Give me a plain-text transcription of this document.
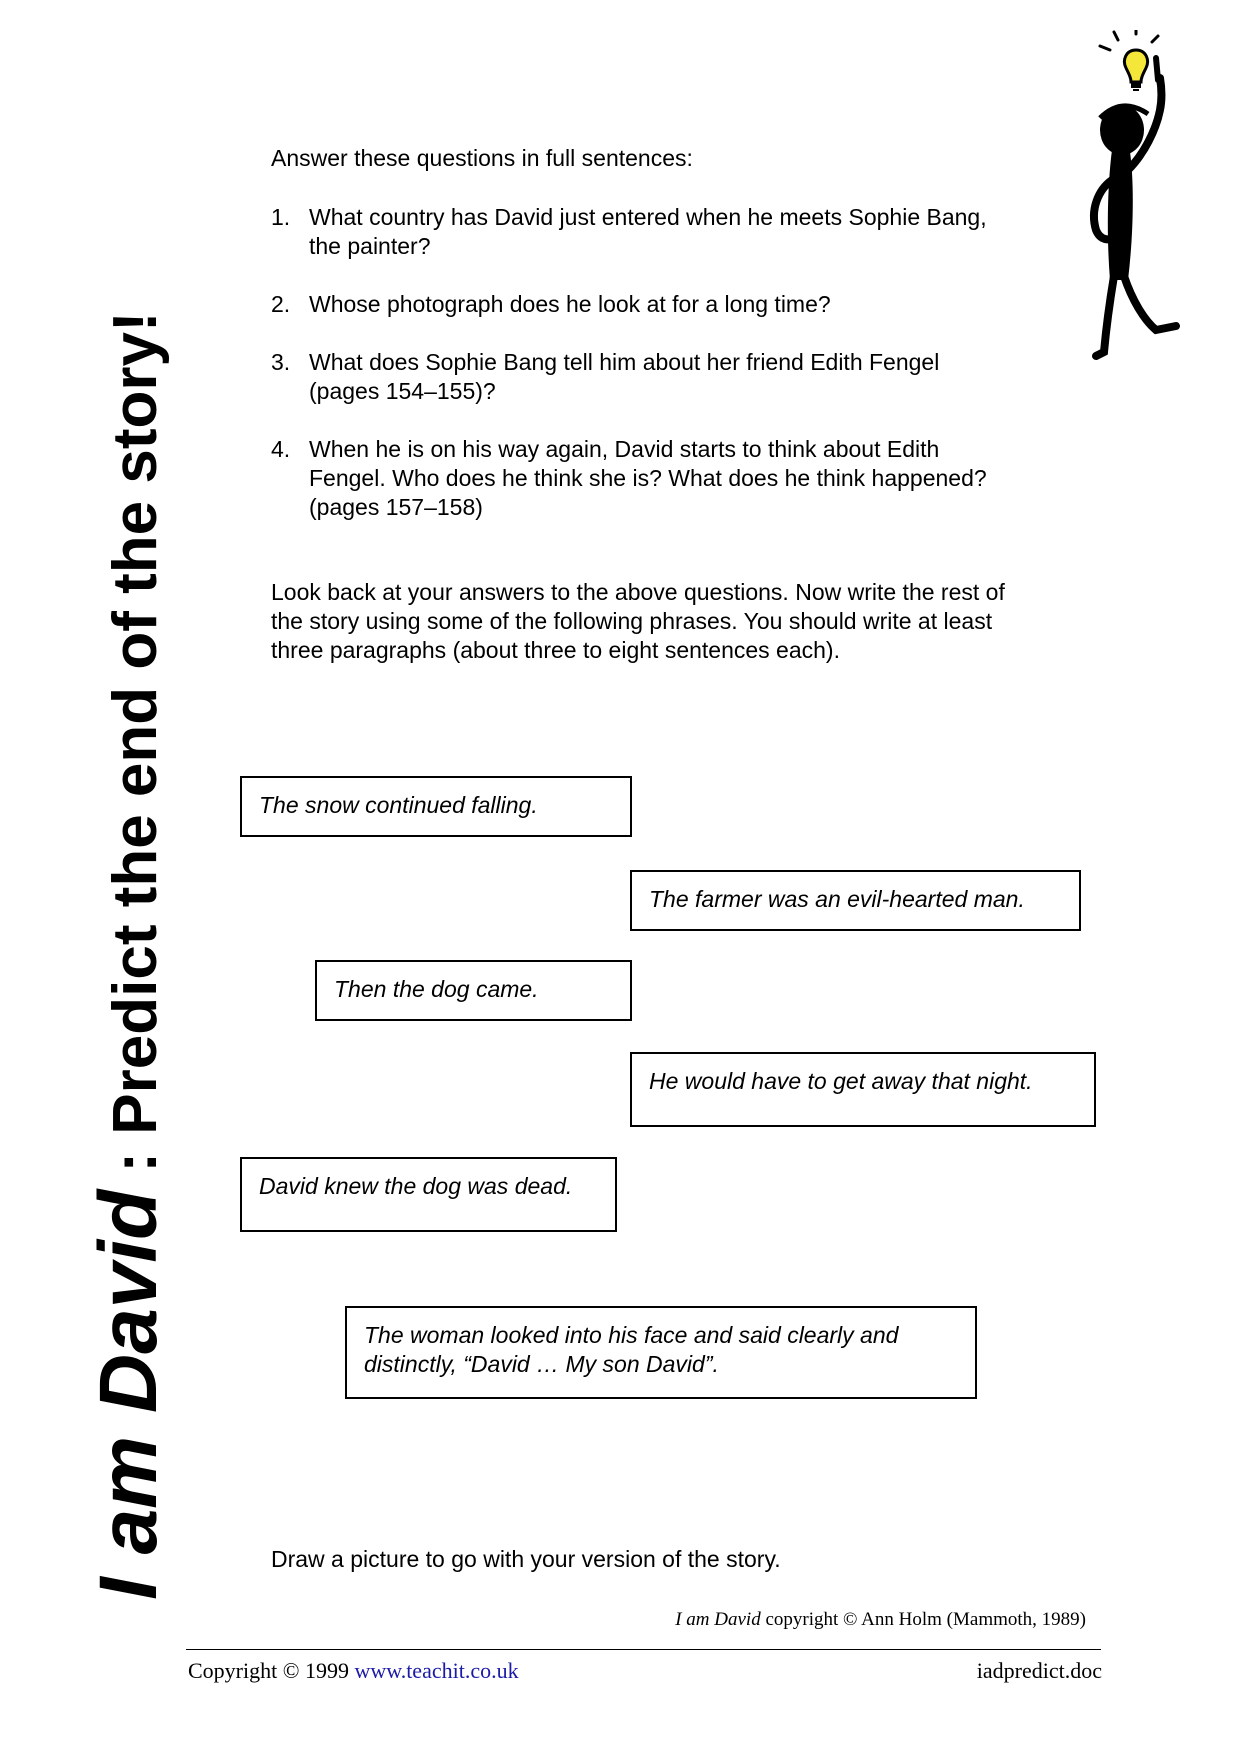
I am David : Predict the end of the story!

Answer these questions in full sentences:

1. What country has David just entered when he meets Sophie Bang, the painter?
2. Whose photograph does he look at for a long time?
3. What does Sophie Bang tell him about her friend Edith Fengel (pages 154–155)?
4. When he is on his way again, David starts to think about Edith Fengel. Who does he think she is? What does he think happened? (pages 157–158)

Look back at your answers to the above questions. Now write the rest of the story using some of the following phrases. You should write at least three paragraphs (about three to eight sentences each).

The snow continued falling.
The farmer was an evil-hearted man.
Then the dog came.
He would have to get away that night.
David knew the dog was dead.
The woman looked into his face and said clearly and distinctly, “David … My son David”.
Draw a picture to go with your version of the story.
I am David copyright © Ann Holm (Mammoth, 1989)
Copyright © 1999 www.teachit.co.uk	iadpredict.doc
